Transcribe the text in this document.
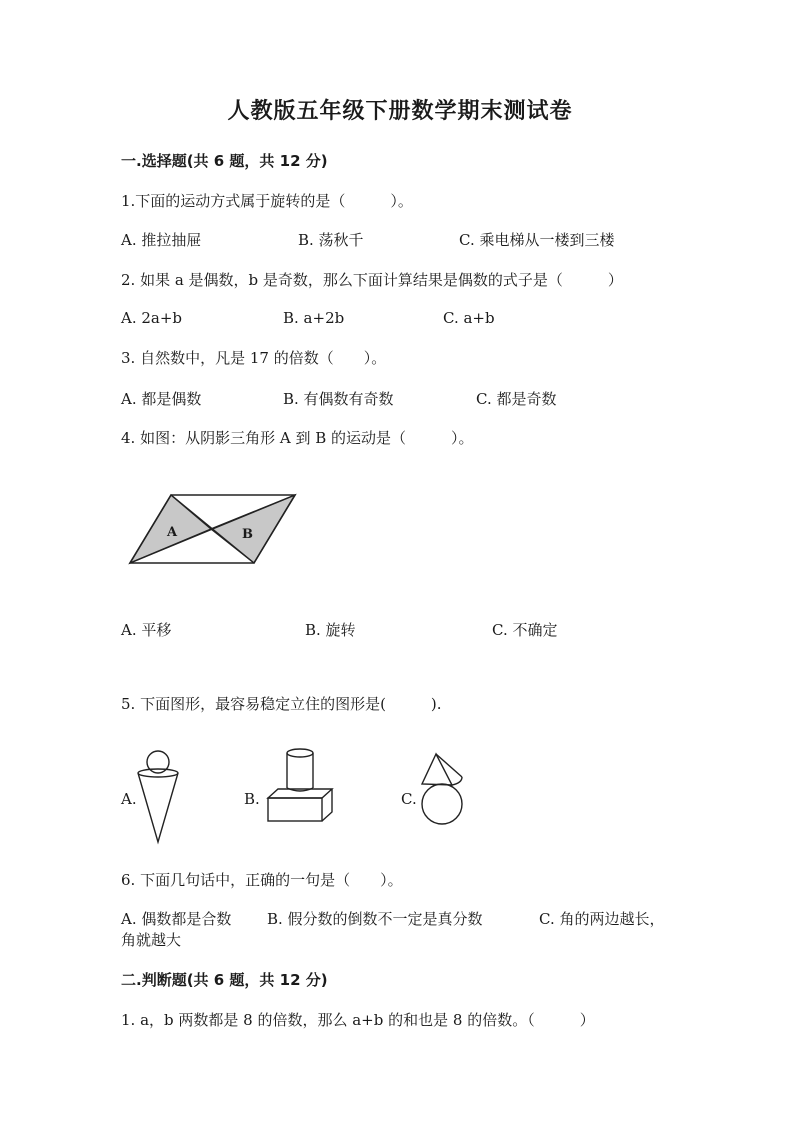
人教版五年级下册数学期末测试卷
一.选择题(共 6 题，共 12 分)
1.下面的运动方式属于旋转的是（　　　）。
A. 推拉抽屉	B. 荡秋千	C. 乘电梯从一楼到三楼
2. 如果 a 是偶数，b 是奇数，那么下面计算结果是偶数的式子是（　　　）
A. 2a+b	B. a+2b	C. a+b
3. 自然数中，凡是 17 的倍数（　　）。
A. 都是偶数	B. 有偶数有奇数	C. 都是奇数
4. 如图：从阴影三角形 A 到 B 的运动是（　　　）。
A	B
A. 平移	B. 旋转	C. 不确定
5. 下面图形，最容易稳定立住的图形是(　　　).
A.	B.	C.
6. 下面几句话中，正确的一句是（　　）。
A. 偶数都是合数 B. 假分数的倒数不一定是真分数	C. 角的两边越长，
角就越大
二.判断题(共 6 题，共 12 分)
1. a，b 两数都是 8 的倍数，那么 a+b 的和也是 8 的倍数。（　　　）
